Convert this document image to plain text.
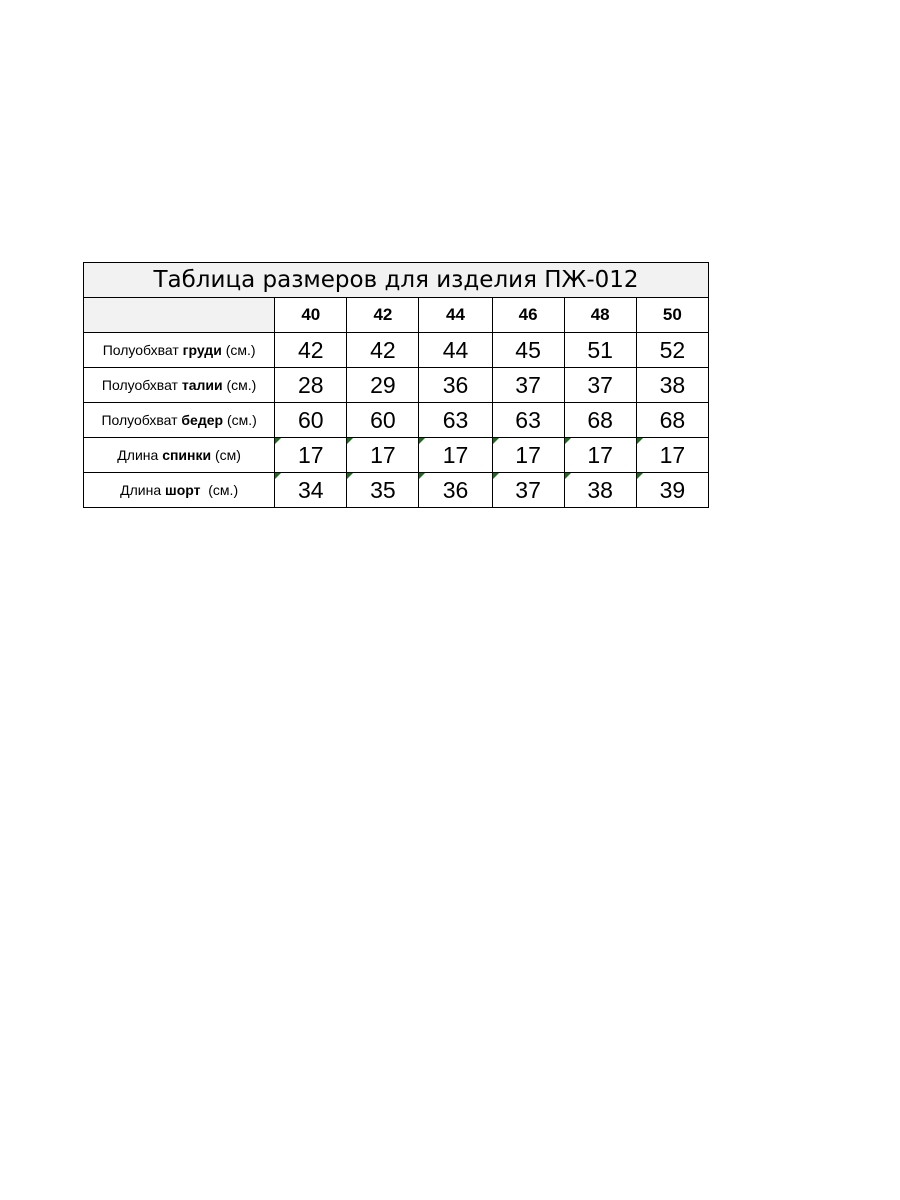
Таблица размеров для изделия ПЖ-012						
	40	42	44	46	48	50
Полуобхват груди (см.)	42	42	44	45	51	52
Полуобхват талии (см.)	28	29	36	37	37	38
Полуобхват бедер (см.)	60	60	63	63	68	68
Длина спинки (см)	17	17	17	17	17	17
Длина шорт  (см.)	34	35	36	37	38	39
